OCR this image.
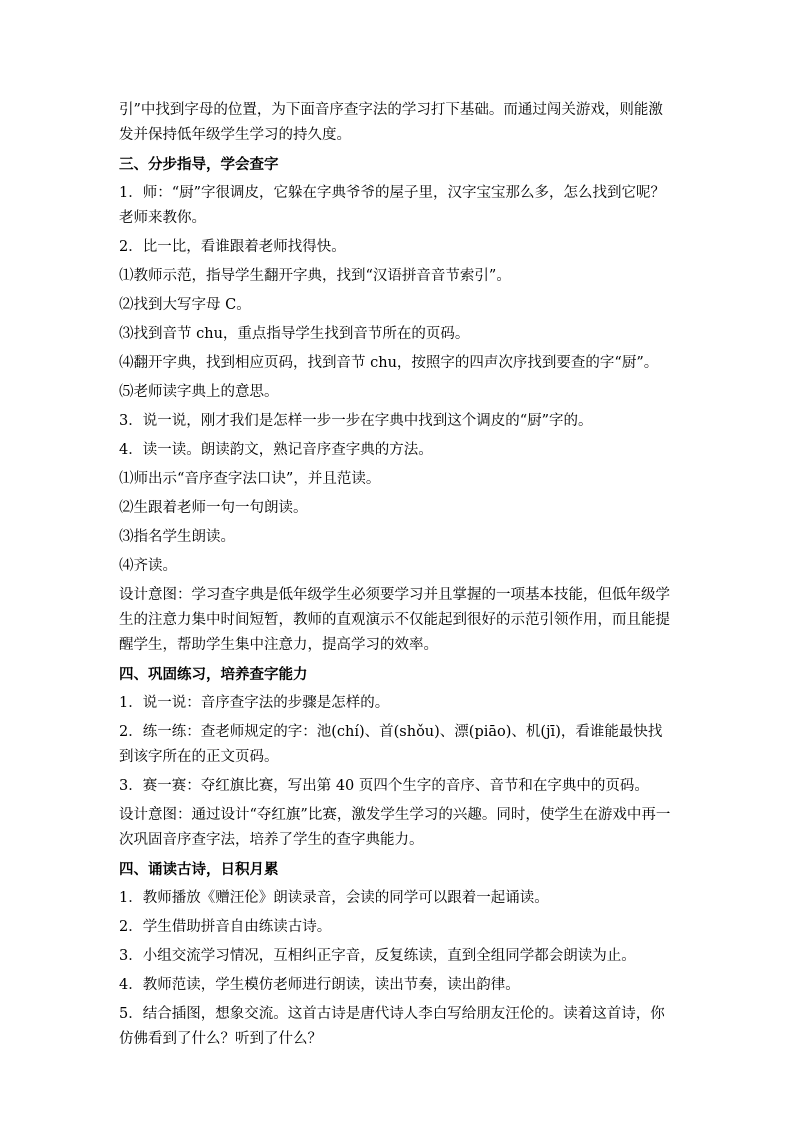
引”中找到字母的位置，为下面音序查字法的学习打下基础。而通过闯关游戏，则能激发并保持低年级学生学习的持久度。

三、分步指导，学会查字

1．师：“厨”字很调皮，它躲在字典爷爷的屋子里，汉字宝宝那么多，怎么找到它呢？老师来教你。

2．比一比，看谁跟着老师找得快。

⑴教师示范，指导学生翻开字典，找到“汉语拼音音节索引”。

⑵找到大写字母 C。

⑶找到音节 chu，重点指导学生找到音节所在的页码。

⑷翻开字典，找到相应页码，找到音节 chu，按照字的四声次序找到要查的字“厨”。

⑸老师读字典上的意思。

3．说一说，刚才我们是怎样一步一步在字典中找到这个调皮的“厨”字的。

4．读一读。朗读韵文，熟记音序查字典的方法。

⑴师出示“音序查字法口诀”，并且范读。

⑵生跟着老师一句一句朗读。

⑶指名学生朗读。

⑷齐读。

设计意图：学习查字典是低年级学生必须要学习并且掌握的一项基本技能，但低年级学生的注意力集中时间短暂，教师的直观演示不仅能起到很好的示范引领作用，而且能提醒学生，帮助学生集中注意力，提高学习的效率。

四、巩固练习，培养查字能力

1．说一说：音序查字法的步骤是怎样的。

2．练一练：查老师规定的字：池(chí)、首(shǒu)、漂(piāo)、机(jī)，看谁能最快找到该字所在的正文页码。

3．赛一赛：夺红旗比赛，写出第 40 页四个生字的音序、音节和在字典中的页码。

设计意图：通过设计“夺红旗”比赛，激发学生学习的兴趣。同时，使学生在游戏中再一次巩固音序查字法，培养了学生的查字典能力。

四、诵读古诗，日积月累

1．教师播放《赠汪伦》朗读录音，会读的同学可以跟着一起诵读。

2．学生借助拼音自由练读古诗。

3．小组交流学习情况，互相纠正字音，反复练读，直到全组同学都会朗读为止。

4．教师范读，学生模仿老师进行朗读，读出节奏，读出韵律。

5．结合插图，想象交流。这首古诗是唐代诗人李白写给朋友汪伦的。读着这首诗，你仿佛看到了什么？听到了什么？
